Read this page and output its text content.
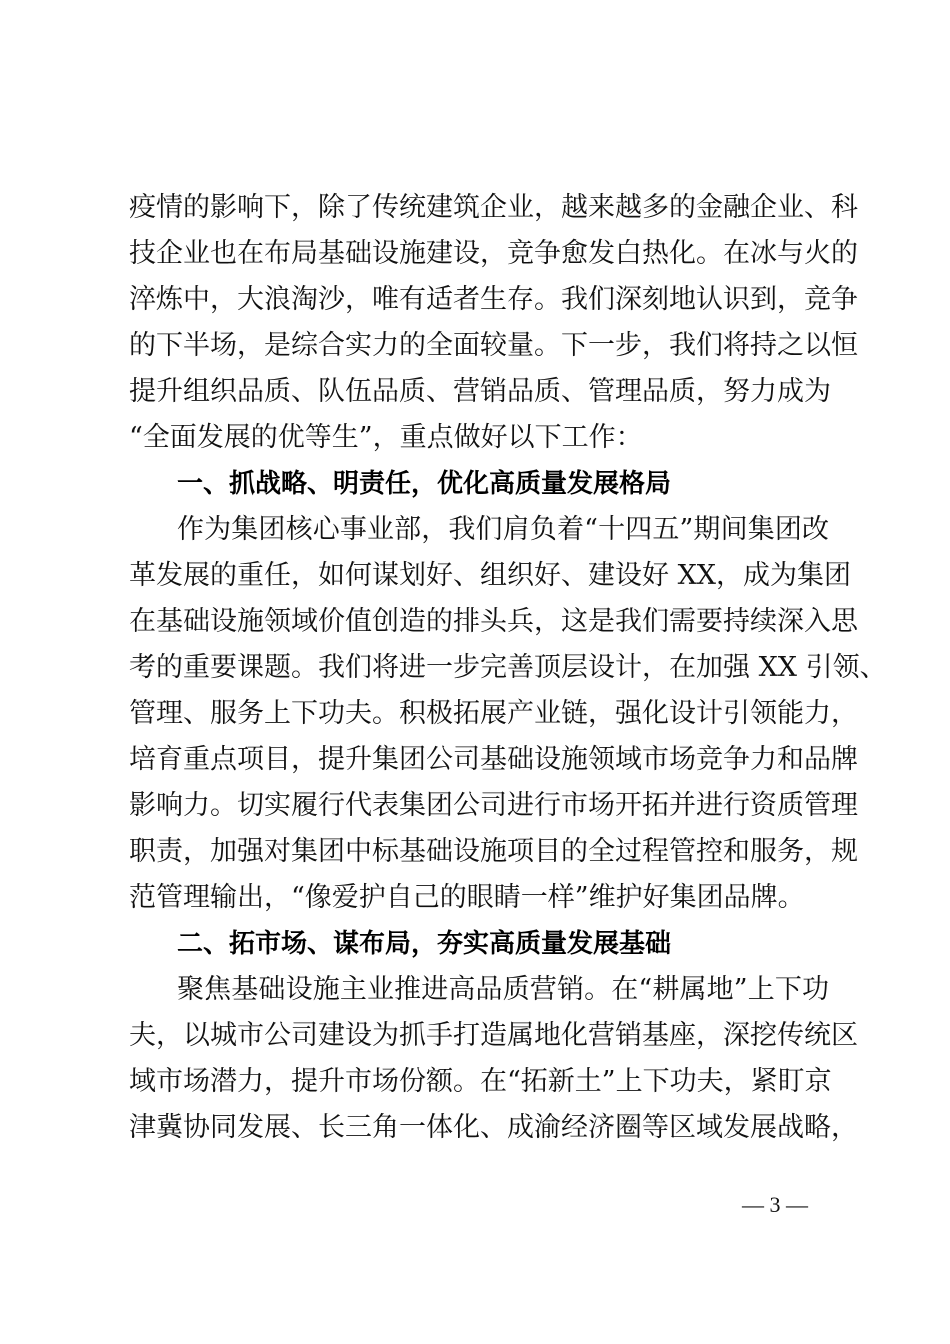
疫情的影响下，除了传统建筑企业，越来越多的金融企业、科
技企业也在布局基础设施建设，竞争愈发白热化。在冰与火的
淬炼中，大浪淘沙，唯有适者生存。我们深刻地认识到，竞争
的下半场，是综合实力的全面较量。下一步，我们将持之以恒
提升组织品质、队伍品质、营销品质、管理品质，努力成为
“全面发展的优等生”，重点做好以下工作：
一、抓战略、明责任，优化高质量发展格局
作为集团核心事业部，我们肩负着“十四五”期间集团改
革发展的重任，如何谋划好、组织好、建设好 XX，成为集团
在基础设施领域价值创造的排头兵，这是我们需要持续深入思
考的重要课题。我们将进一步完善顶层设计，在加强 XX 引领、
管理、服务上下功夫。积极拓展产业链，强化设计引领能力，
培育重点项目，提升集团公司基础设施领域市场竞争力和品牌
影响力。切实履行代表集团公司进行市场开拓并进行资质管理
职责，加强对集团中标基础设施项目的全过程管控和服务，规
范管理输出，“像爱护自己的眼睛一样”维护好集团品牌。
二、拓市场、谋布局，夯实高质量发展基础
聚焦基础设施主业推进高品质营销。在“耕属地”上下功
夫，以城市公司建设为抓手打造属地化营销基座，深挖传统区
域市场潜力，提升市场份额。在“拓新土”上下功夫，紧盯京
津冀协同发展、长三角一体化、成渝经济圈等区域发展战略，
— 3 —
